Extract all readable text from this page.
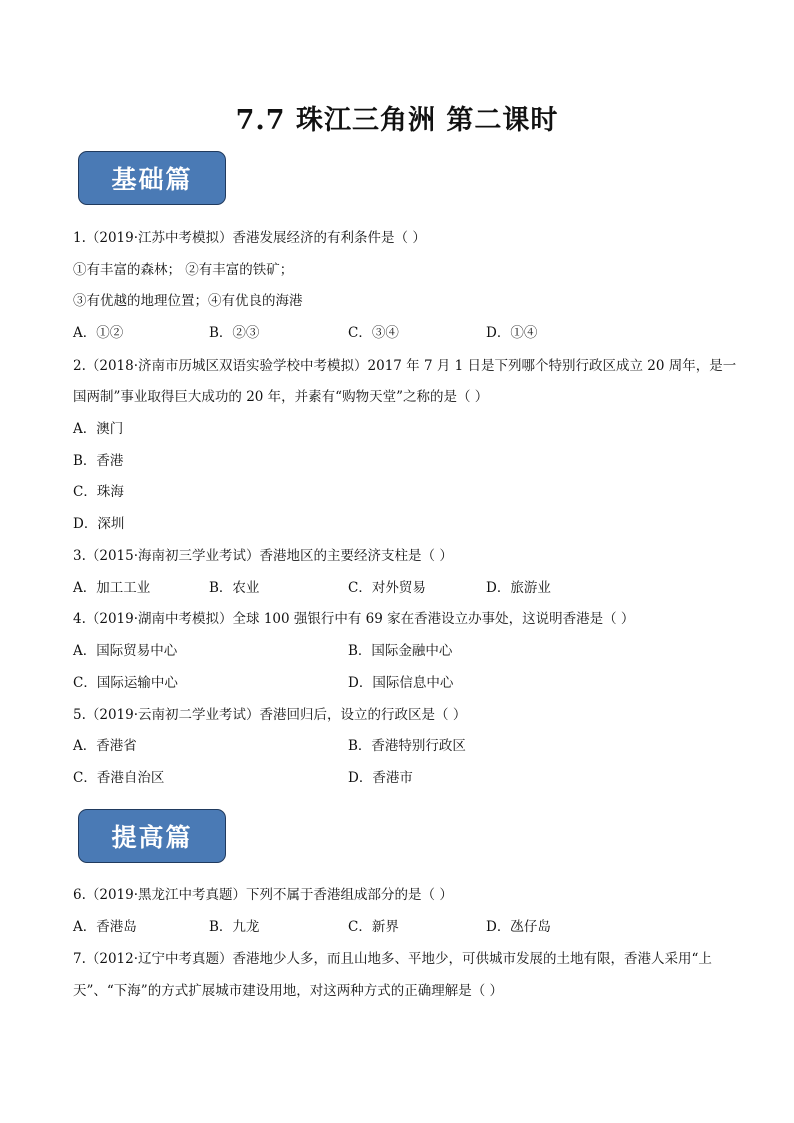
7.7 珠江三角洲 第二课时
基础篇
1.（2019·江苏中考模拟）香港发展经济的有利条件是（ ）
①有丰富的森林； ②有丰富的铁矿；
③有优越的地理位置；④有优良的海港
A．①②	B．②③	C．③④	D．①④
2.（2018·济南市历城区双语实验学校中考模拟）2017 年 7 月 1 日是下列哪个特别行政区成立 20 周年，是一
国两制”事业取得巨大成功的 20 年，并素有“购物天堂”之称的是（ ）
A．澳门
B．香港
C．珠海
D．深圳
3.（2015·海南初三学业考试）香港地区的主要经济支柱是（ ）
A．加工工业	B．农业	C．对外贸易	D．旅游业
4.（2019·湖南中考模拟）全球 100 强银行中有 69 家在香港设立办事处，这说明香港是（ ）
A．国际贸易中心	B．国际金融中心
C．国际运输中心	D．国际信息中心
5.（2019·云南初二学业考试）香港回归后，设立的行政区是（ ）
A．香港省	B．香港特别行政区
C．香港自治区	D．香港市
提高篇
6.（2019·黑龙江中考真题）下列不属于香港组成部分的是（ ）
A．香港岛	B．九龙	C．新界	D．氹仔岛
7.（2012·辽宁中考真题）香港地少人多，而且山地多、平地少，可供城市发展的土地有限，香港人采用“上
天”、“下海”的方式扩展城市建设用地，对这两种方式的正确理解是（ ）
